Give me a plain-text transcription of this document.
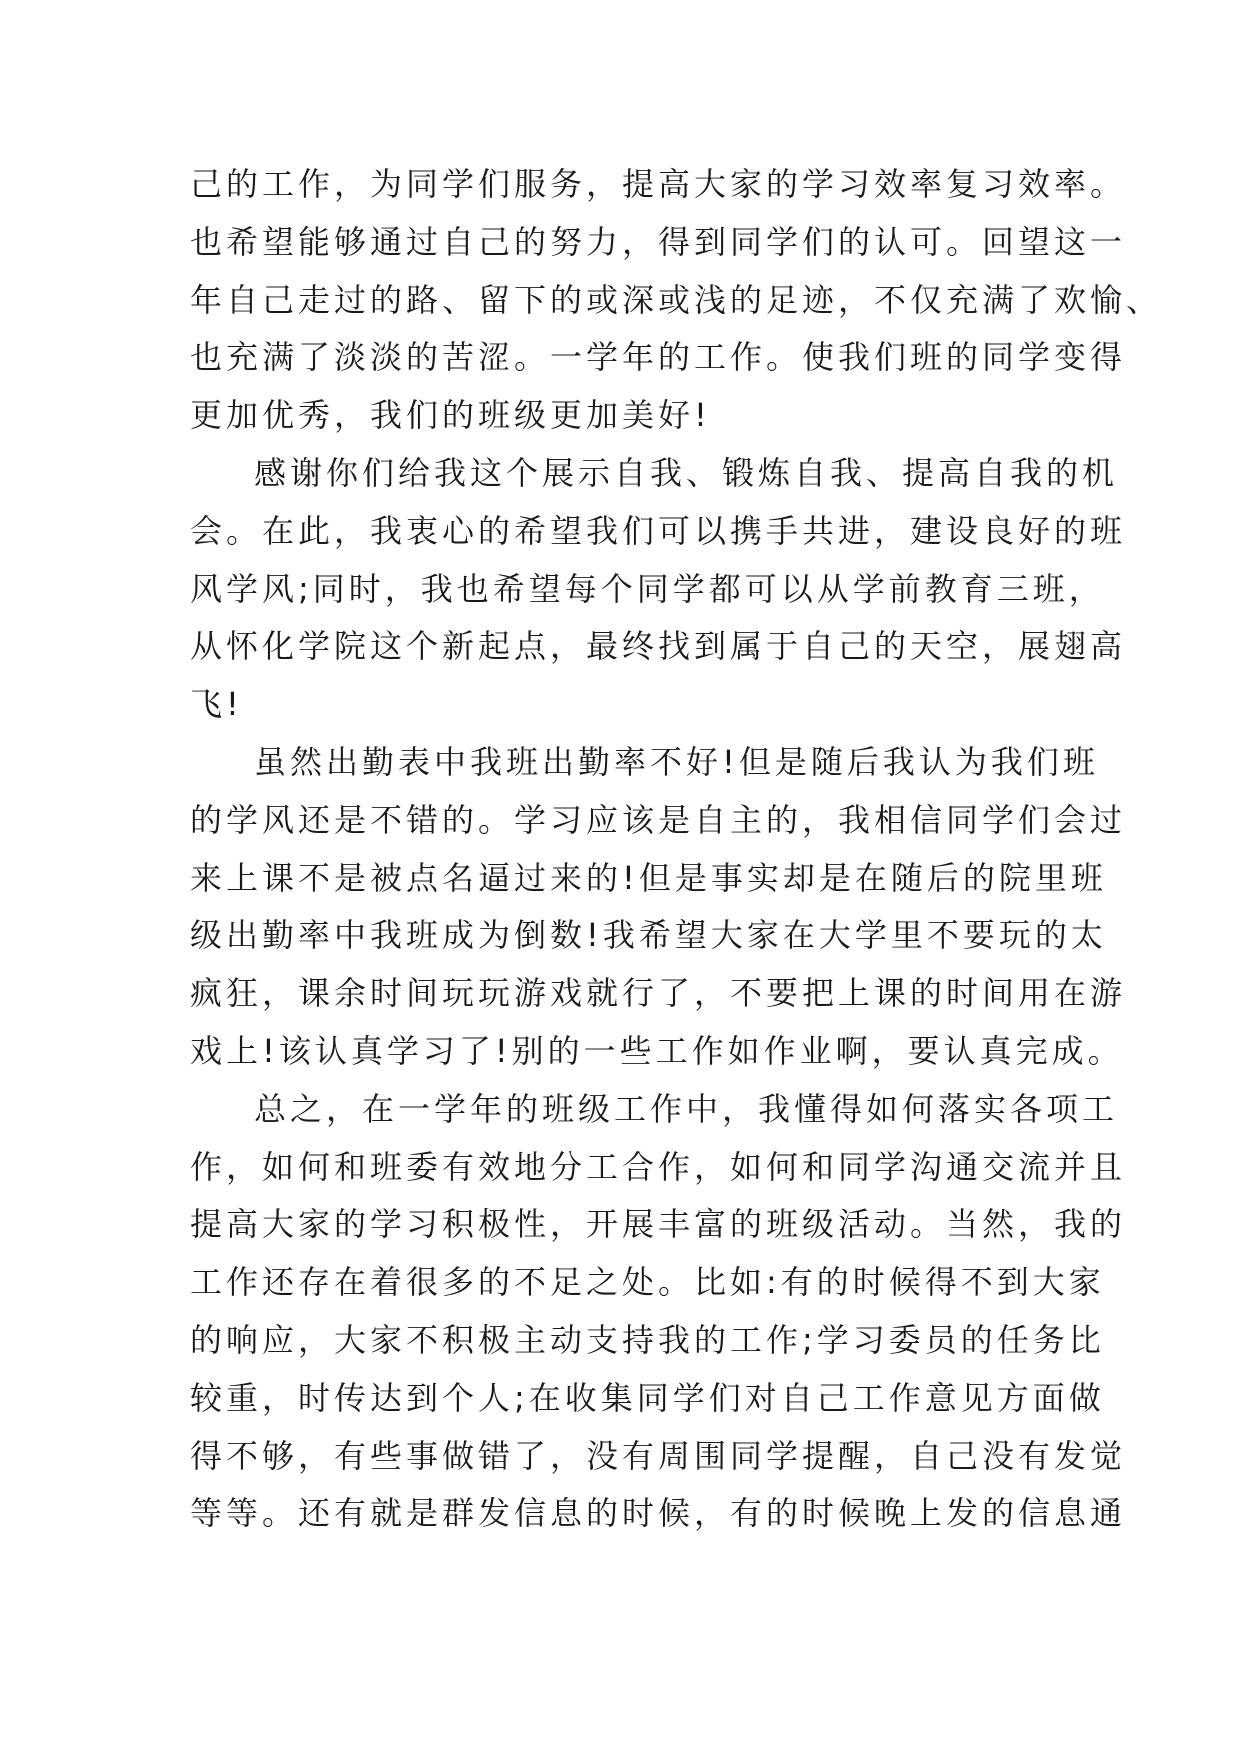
己的工作，为同学们服务，提高大家的学习效率复习效率。
也希望能够通过自己的努力，得到同学们的认可。回望这一
年自己走过的路、留下的或深或浅的足迹，不仅充满了欢愉、
也充满了淡淡的苦涩。一学年的工作。使我们班的同学变得
更加优秀，我们的班级更加美好!
感谢你们给我这个展示自我、锻炼自我、提高自我的机
会。在此，我衷心的希望我们可以携手共进，建设良好的班
风学风;同时，我也希望每个同学都可以从学前教育三班，
从怀化学院这个新起点，最终找到属于自己的天空，展翅高
飞!
虽然出勤表中我班出勤率不好!但是随后我认为我们班
的学风还是不错的。学习应该是自主的，我相信同学们会过
来上课不是被点名逼过来的!但是事实却是在随后的院里班
级出勤率中我班成为倒数!我希望大家在大学里不要玩的太
疯狂，课余时间玩玩游戏就行了，不要把上课的时间用在游
戏上!该认真学习了!别的一些工作如作业啊，要认真完成。
总之，在一学年的班级工作中，我懂得如何落实各项工
作，如何和班委有效地分工合作，如何和同学沟通交流并且
提高大家的学习积极性，开展丰富的班级活动。当然，我的
工作还存在着很多的不足之处。比如:有的时候得不到大家
的响应，大家不积极主动支持我的工作;学习委员的任务比
较重，时传达到个人;在收集同学们对自己工作意见方面做
得不够，有些事做错了，没有周围同学提醒，自己没有发觉
等等。还有就是群发信息的时候，有的时候晚上发的信息通
